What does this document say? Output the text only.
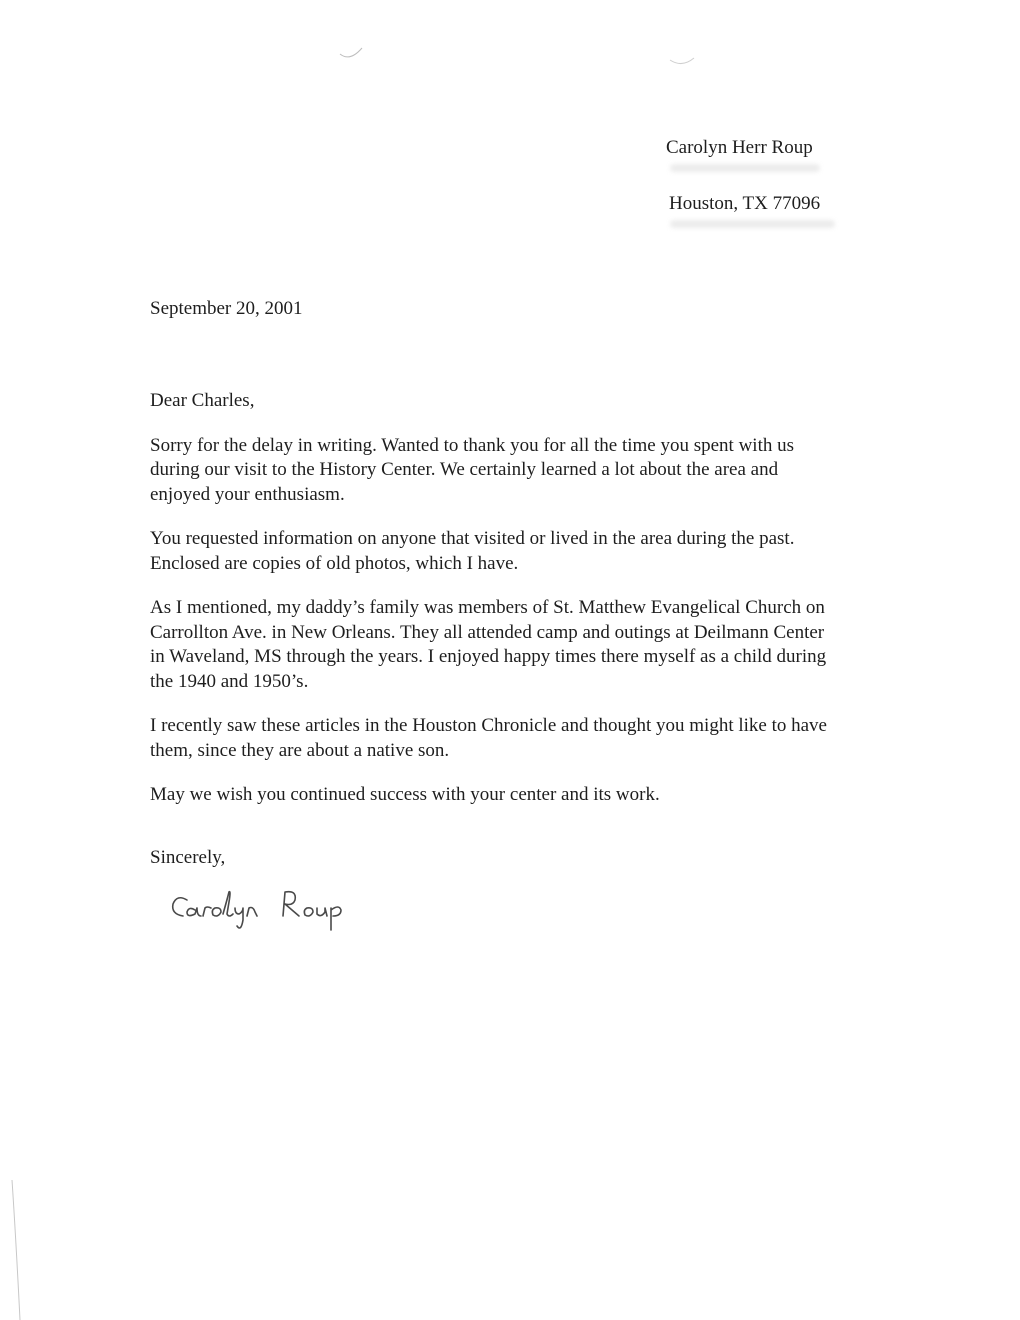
Carolyn Herr Roup
Houston, TX 77096
September 20, 2001

Dear Charles,

Sorry for the delay in writing. Wanted to thank you for all the time you spent with us
during our visit to the History Center. We certainly learned a lot about the area and
enjoyed your enthusiasm.

You requested information on anyone that visited or lived in the area during the past.
Enclosed are copies of old photos, which I have.

As I mentioned, my daddy’s family was members of St. Matthew Evangelical Church on
Carrollton Ave. in New Orleans. They all attended camp and outings at Deilmann Center
in Waveland, MS through the years. I enjoyed happy times there myself as a child during
the 1940 and 1950’s.

I recently saw these articles in the Houston Chronicle and thought you might like to have
them, since they are about a native son.

May we wish you continued success with your center and its work.

Sincerely,
